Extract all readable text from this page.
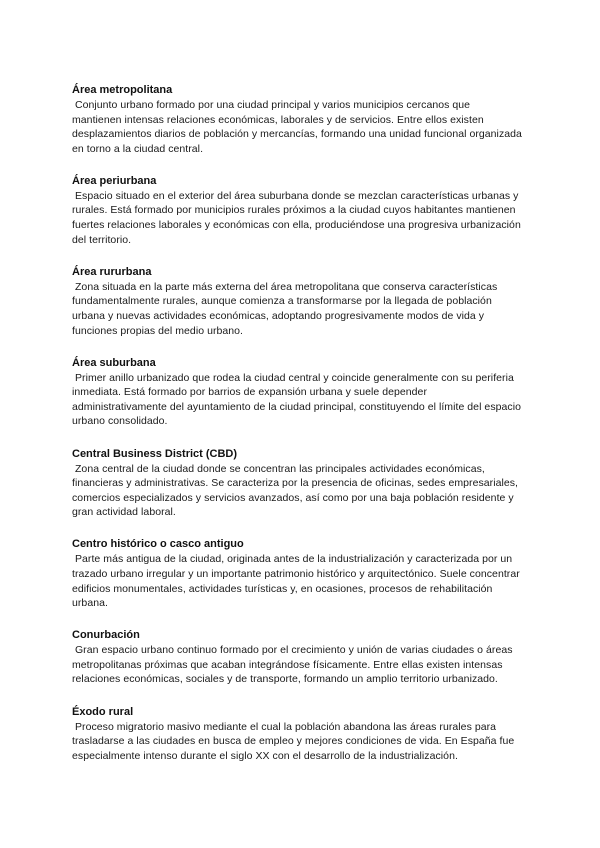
Área metropolitana

Conjunto urbano formado por una ciudad principal y varios municipios cercanos que mantienen intensas relaciones económicas, laborales y de servicios. Entre ellos existen desplazamientos diarios de población y mercancías, formando una unidad funcional organizada en torno a la ciudad central.

Área periurbana

Espacio situado en el exterior del área suburbana donde se mezclan características urbanas y rurales. Está formado por municipios rurales próximos a la ciudad cuyos habitantes mantienen fuertes relaciones laborales y económicas con ella, produciéndose una progresiva urbanización del territorio.

Área rururbana

Zona situada en la parte más externa del área metropolitana que conserva características fundamentalmente rurales, aunque comienza a transformarse por la llegada de población urbana y nuevas actividades económicas, adoptando progresivamente modos de vida y funciones propias del medio urbano.

Área suburbana

Primer anillo urbanizado que rodea la ciudad central y coincide generalmente con su periferia inmediata. Está formado por barrios de expansión urbana y suele depender administrativamente del ayuntamiento de la ciudad principal, constituyendo el límite del espacio urbano consolidado.

Central Business District (CBD)

Zona central de la ciudad donde se concentran las principales actividades económicas, financieras y administrativas. Se caracteriza por la presencia de oficinas, sedes empresariales, comercios especializados y servicios avanzados, así como por una baja población residente y gran actividad laboral.

Centro histórico o casco antiguo

Parte más antigua de la ciudad, originada antes de la industrialización y caracterizada por un trazado urbano irregular y un importante patrimonio histórico y arquitectónico. Suele concentrar edificios monumentales, actividades turísticas y, en ocasiones, procesos de rehabilitación urbana.

Conurbación

Gran espacio urbano continuo formado por el crecimiento y unión de varias ciudades o áreas metropolitanas próximas que acaban integrándose físicamente. Entre ellas existen intensas relaciones económicas, sociales y de transporte, formando un amplio territorio urbanizado.

Éxodo rural

Proceso migratorio masivo mediante el cual la población abandona las áreas rurales para trasladarse a las ciudades en busca de empleo y mejores condiciones de vida. En España fue especialmente intenso durante el siglo XX con el desarrollo de la industrialización.
